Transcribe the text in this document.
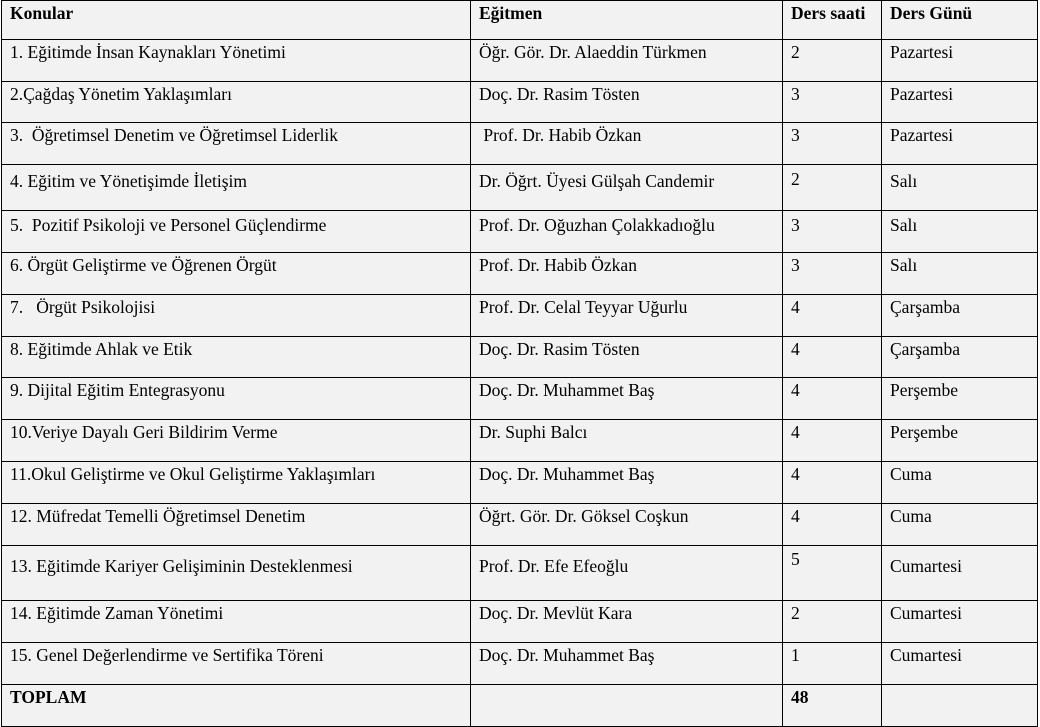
Konular	Eğitmen	Ders saati	Ders Günü
1. Eğitimde İnsan Kaynakları Yönetimi	Öğr. Gör. Dr. Alaeddin Türkmen	2	Pazartesi
2.Çağdaş Yönetim Yaklaşımları	Doç. Dr. Rasim Tösten	3	Pazartesi
3.  Öğretimsel Denetim ve Öğretimsel Liderlik	Prof. Dr. Habib Özkan	3	Pazartesi
4. Eğitim ve Yönetişimde İletişim	Dr. Öğrt. Üyesi Gülşah Candemir	2	Salı
5.  Pozitif Psikoloji ve Personel Güçlendirme	Prof. Dr. Oğuzhan Çolakkadıoğlu	3	Salı
6. Örgüt Geliştirme ve Öğrenen Örgüt	Prof. Dr. Habib Özkan	3	Salı
7.   Örgüt Psikolojisi	Prof. Dr. Celal Teyyar Uğurlu	4	Çarşamba
8. Eğitimde Ahlak ve Etik	Doç. Dr. Rasim Tösten	4	Çarşamba
9. Dijital Eğitim Entegrasyonu	Doç. Dr. Muhammet Baş	4	Perşembe
10.Veriye Dayalı Geri Bildirim Verme	Dr. Suphi Balcı	4	Perşembe
11.Okul Geliştirme ve Okul Geliştirme Yaklaşımları	Doç. Dr. Muhammet Baş	4	Cuma
12. Müfredat Temelli Öğretimsel Denetim	Öğrt. Gör. Dr. Göksel Coşkun	4	Cuma
13. Eğitimde Kariyer Gelişiminin Desteklenmesi	Prof. Dr. Efe Efeoğlu	5	Cumartesi
14. Eğitimde Zaman Yönetimi	Doç. Dr. Mevlüt Kara	2	Cumartesi
15. Genel Değerlendirme ve Sertifika Töreni	Doç. Dr. Muhammet Baş	1	Cumartesi
TOPLAM		48	
